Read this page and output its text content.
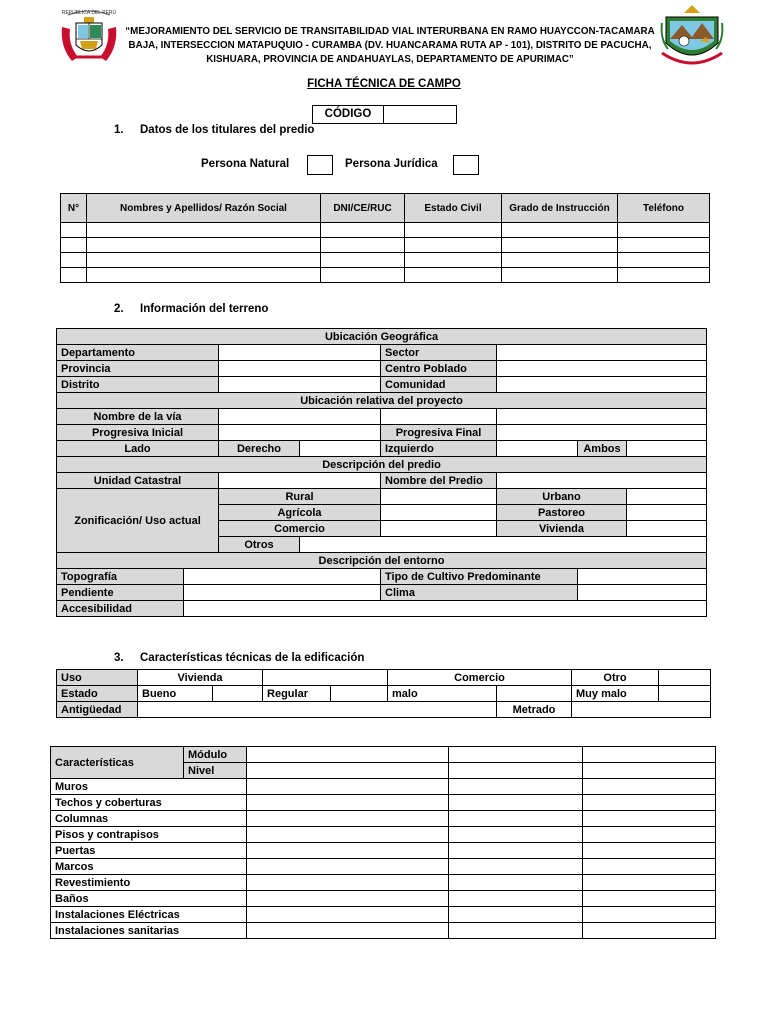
REPÚBLICA DEL PERÚ
“MEJORAMIENTO DEL SERVICIO DE TRANSITABILIDAD VIAL INTERURBANA EN RAMO HUAYCCON-TACAMARA
BAJA, INTERSECCION MATAPUQUIO - CURAMBA (DV. HUANCARAMA RUTA AP - 101), DISTRITO DE PACUCHA,
KISHUARA, PROVINCIA DE ANDAHUAYLAS, DEPARTAMENTO DE APURIMAC”
FICHA TÉCNICA DE CAMPO
CÓDIGO
1. Datos de los titulares del predio
Persona Natural	Persona Jurídica
N°	Nombres y Apellidos/ Razón Social	DNI/CE/RUC	Estado Civil	Grado de Instrucción	Teléfono

2. Información del terreno
Ubicación Geográfica							
Departamento				Sector			
Provincia				Centro Poblado			
Distrito				Comunidad			
Ubicación relativa del proyecto							
Nombre de la vía							
Progresiva Inicial				Progresiva Final			
Lado		Derecho		Izquierdo		Ambos	
Descripción del predio							
Unidad Catastral				Nombre del Predio			
Zonificación/ Uso actual		Rural			Urbano		
		Agrícola			Pastoreo		
		Comercio			Vivienda		
		Otros					
Descripción del entorno							
Topografía				Tipo de Cultivo Predominante			
Pendiente				Clima			
Accesibilidad							
3. Características técnicas de la edificación
Uso	Vivienda				Comercio		Otro	
Estado	Bueno		Regular		malo		Muy malo	
Antigüedad						Metrado		
Características	Módulo			
	Nivel			
Muros				
Techos y coberturas				
Columnas				
Pisos y contrapisos				
Puertas				
Marcos				
Revestimiento				
Baños				
Instalaciones Eléctricas				
Instalaciones sanitarias				
